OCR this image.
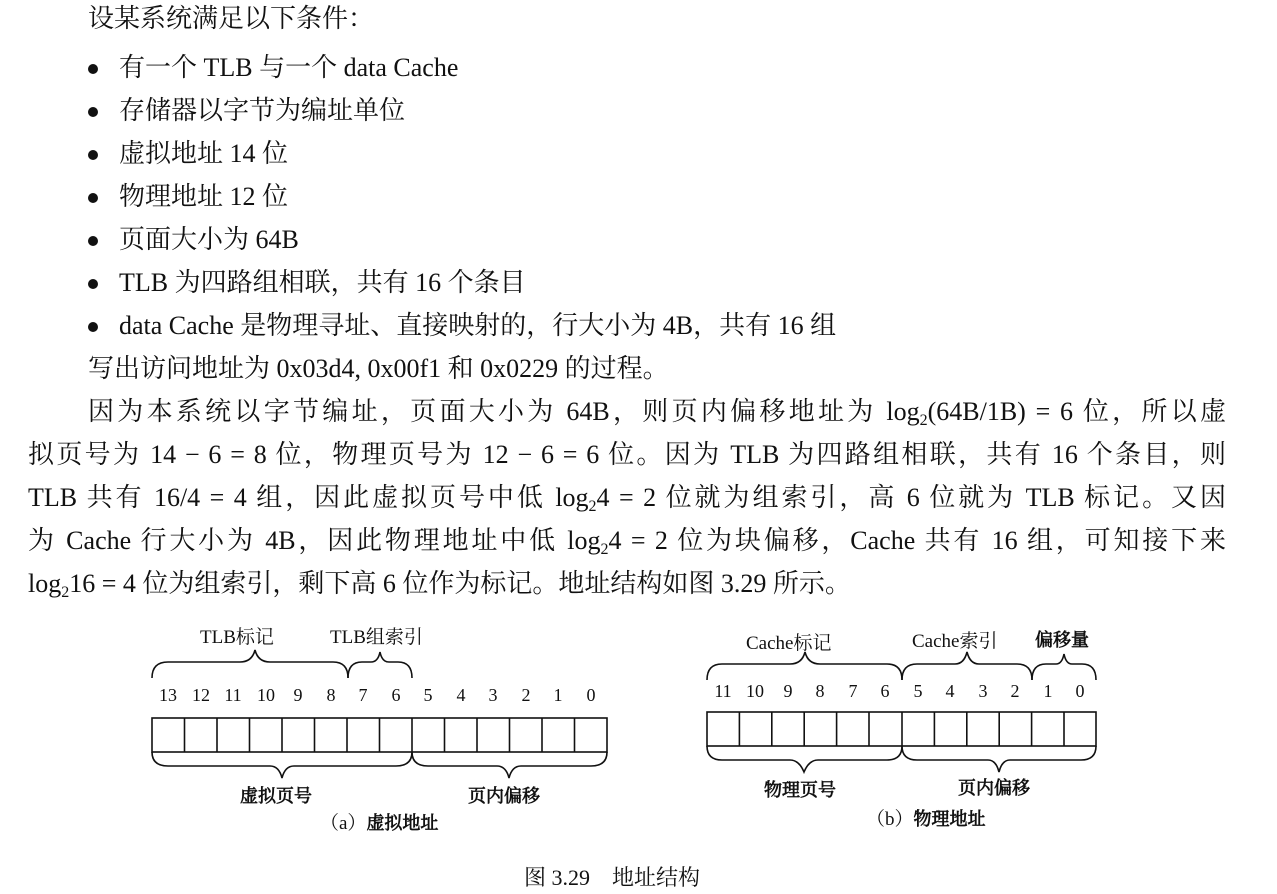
设某系统满足以下条件：
有一个 TLB 与一个 data Cache
存储器以字节为编址单位
虚拟地址 14 位
物理地址 12 位
页面大小为 64B
TLB 为四路组相联，共有 16 个条目
data Cache 是物理寻址、直接映射的，行大小为 4B，共有 16 组
写出访问地址为 0x03d4, 0x00f1 和 0x0229 的过程。
因为本系统以字节编址，页面大小为 64B，则页内偏移地址为 $\log_2(64B/1B) = 6$ 位，所以虚
拟页号为 14 − 6 = 8 位，物理页号为 12 − 6 = 6 位。因为 TLB 为四路组相联，共有 16 个条目，则
TLB 共有 16/4 = 4 组，因此虚拟页号中低 $\log_24 = 2$ 位就为组索引，高 6 位就为 TLB 标记。又因
为 Cache 行大小为 4B，因此物理地址中低 $\log_24 = 2$ 位为块偏移，Cache 共有 16 组，可知接下来
$\log_216 = 4$ 位为组索引，剩下高 6 位作为标记。地址结构如图 3.29 所示。
TLB标记	TLB组索引
13 12 11 10	9	8	7	6	5	4	3	2	1	0
虚拟页号	页内偏移
（a）虚拟地址
Cache标记	Cache索引 偏移量
11 10	9	8	7	6	5	4	3	2	1	0
物理页号	页内偏移
（b）物理地址
图 3.29　地址结构
